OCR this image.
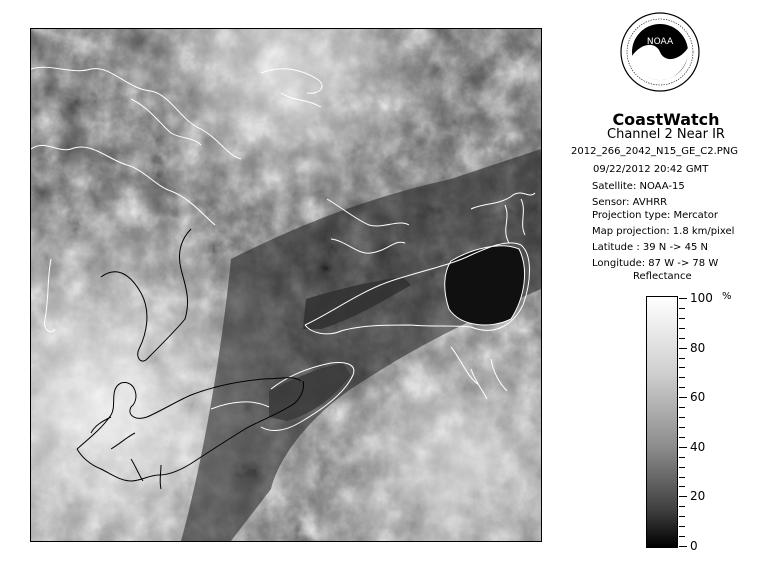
NOAA
CoastWatch
Channel 2 Near IR
2012_266_2042_N15_GE_C2.PNG
09/22/2012 20:42 GMT
Satellite: NOAA-15
Sensor: AVHRR
Projection type: Mercator
Map projection: 1.8 km/pixel
Latitude : 39 N -> 45 N
Longitude: 87 W -> 78 W
Reflectance
%
100
80
60
40
20
0
